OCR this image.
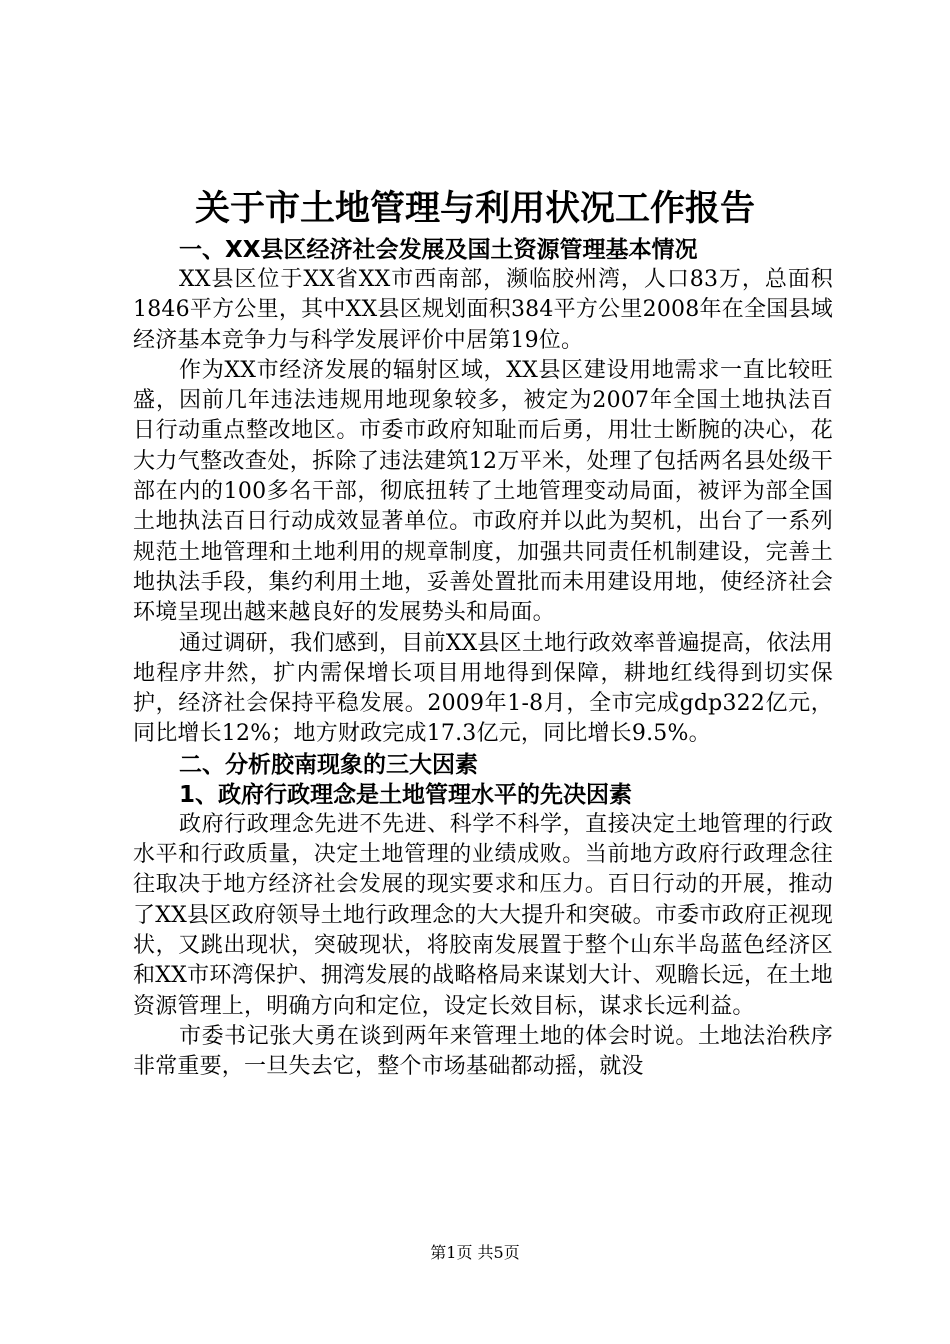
关于市土地管理与利用状况工作报告
一、XX县区经济社会发展及国土资源管理基本情况

XX县区位于XX省XX市西南部，濒临胶州湾，人口83万，总面积1846平方公里，其中XX县区规划面积384平方公里2008年在全国县域经济基本竞争力与科学发展评价中居第19位。

作为XX市经济发展的辐射区域，XX县区建设用地需求一直比较旺盛，因前几年违法违规用地现象较多，被定为2007年全国土地执法百日行动重点整改地区。市委市政府知耻而后勇，用壮士断腕的决心，花大力气整改查处，拆除了违法建筑12万平米，处理了包括两名县处级干部在内的100多名干部，彻底扭转了土地管理变动局面，被评为部全国土地执法百日行动成效显著单位。市政府并以此为契机，出台了一系列规范土地管理和土地利用的规章制度，加强共同责任机制建设，完善土地执法手段，集约利用土地，妥善处置批而未用建设用地，使经济社会环境呈现出越来越良好的发展势头和局面。

通过调研，我们感到，目前XX县区土地行政效率普遍提高，依法用地程序井然，扩内需保增长项目用地得到保障，耕地红线得到切实保护，经济社会保持平稳发展。2009年1-8月，全市完成gdp322亿元，同比增长12%；地方财政完成17.3亿元，同比增长9.5%。

二、分析胶南现象的三大因素
1、政府行政理念是土地管理水平的先决因素

政府行政理念先进不先进、科学不科学，直接决定土地管理的行政水平和行政质量，决定土地管理的业绩成败。当前地方政府行政理念往往取决于地方经济社会发展的现实要求和压力。百日行动的开展，推动了XX县区政府领导土地行政理念的大大提升和突破。市委市政府正视现状，又跳出现状，突破现状，将胶南发展置于整个山东半岛蓝色经济区和XX市环湾保护、拥湾发展的战略格局来谋划大计、观瞻长远，在土地资源管理上，明确方向和定位，设定长效目标，谋求长远利益。

市委书记张大勇在谈到两年来管理土地的体会时说。土地法治秩序非常重要，一旦失去它，整个市场基础都动摇，就没

第1页 共5页
